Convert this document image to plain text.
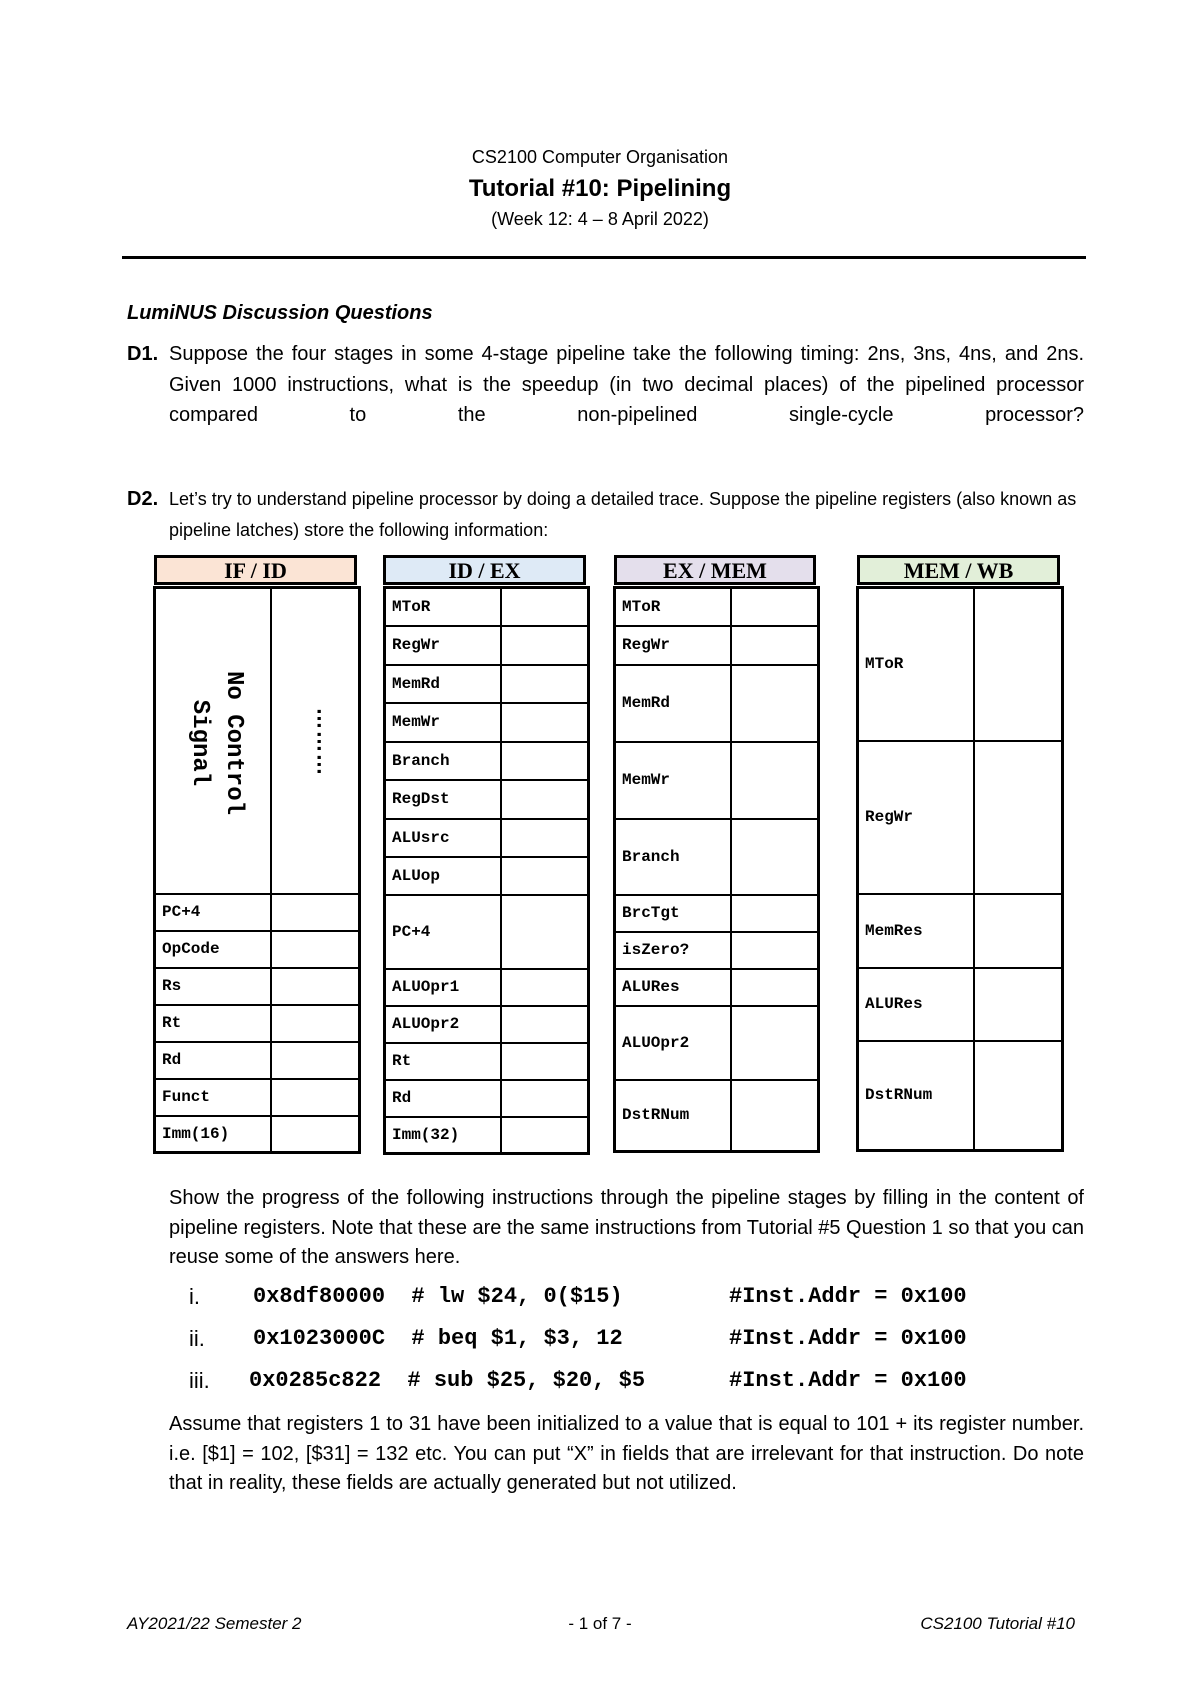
CS2100 Computer Organisation
Tutorial #10: Pipelining
(Week 12: 4 – 8 April 2022)
LumiNUS Discussion Questions
D1. Suppose the four stages in some 4-stage pipeline take the following timing: 2ns, 3ns, 4ns, and 2ns. Given 1000 instructions, what is the speedup (in two decimal places) of the pipelined processor compared to the non-pipelined single-cycle processor?
D2. Let’s try to understand pipeline processor by doing a detailed trace. Suppose the pipeline registers (also known as pipeline latches) store the following information:
IF / ID
No Control
Signal	………

PC+4	
OpCode	
Rs	
Rt	
Rd	
Funct	
Imm(16)	
ID / EX
MToR	
RegWr	
MemRd	
MemWr	
Branch	
RegDst	
ALUsrc	
ALUop	
PC+4	
ALUOpr1	
ALUOpr2	
Rt	
Rd	
Imm(32)	
EX / MEM
MToR	
RegWr	
MemRd	
MemWr	
Branch	
BrcTgt	
isZero?	
ALURes	
ALUOpr2	
DstRNum	
MEM / WB
MToR	
RegWr	
MemRes	
ALURes	
DstRNum	
Show the progress of the following instructions through the pipeline stages by filling in the content of pipeline registers. Note that these are the same instructions from Tutorial #5 Question 1 so that you can reuse some of the answers here.
i.	0x8df80000  # lw $24, 0($15)	#Inst.Addr = 0x100
ii.	0x1023000C  # beq $1, $3, 12	#Inst.Addr = 0x100
iii.	0x0285c822  # sub $25, $20, $5	#Inst.Addr = 0x100
Assume that registers 1 to 31 have been initialized to a value that is equal to 101 + its register number. i.e. [$1] = 102, [$31] = 132 etc. You can put “X” in fields that are irrelevant for that instruction. Do note that in reality, these fields are actually generated but not utilized.
AY2021/22 Semester 2	- 1 of 7 -	CS2100 Tutorial #10
